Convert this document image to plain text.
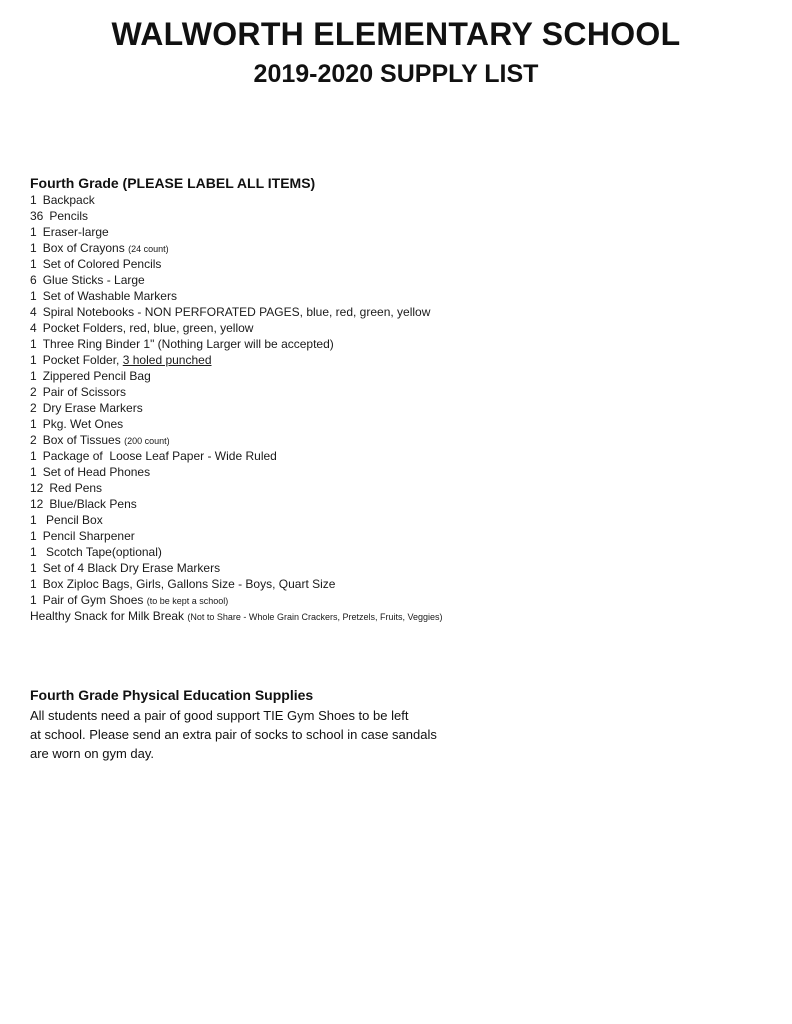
WALWORTH ELEMENTARY SCHOOL
2019-2020 SUPPLY LIST
Fourth Grade (PLEASE LABEL ALL ITEMS)
1 Backpack
36 Pencils
1 Eraser-large
1 Box of Crayons (24 count)
1 Set of Colored Pencils
6 Glue Sticks - Large
1 Set of Washable Markers
4 Spiral Notebooks - NON PERFORATED PAGES, blue, red, green, yellow
4 Pocket Folders, red, blue, green, yellow
1 Three Ring Binder 1" (Nothing Larger will be accepted)
1 Pocket Folder, 3 holed punched
1 Zippered Pencil Bag
2 Pair of Scissors
2 Dry Erase Markers
1 Pkg. Wet Ones
2 Box of Tissues (200 count)
1 Package of  Loose Leaf Paper - Wide Ruled
1 Set of Head Phones
12 Red Pens
12 Blue/Black Pens
1 Pencil Box
1 Pencil Sharpener
1 Scotch Tape(optional)
1 Set of 4 Black Dry Erase Markers
1 Box Ziploc Bags, Girls, Gallons Size - Boys, Quart Size
1 Pair of Gym Shoes (to be kept a school)
Healthy Snack for Milk Break (Not to Share - Whole Grain Crackers, Pretzels, Fruits, Veggies)
Fourth Grade Physical Education Supplies
All students need a pair of good support TIE Gym Shoes to be left
at school. Please send an extra pair of socks to school in case sandals
are worn on gym day.
